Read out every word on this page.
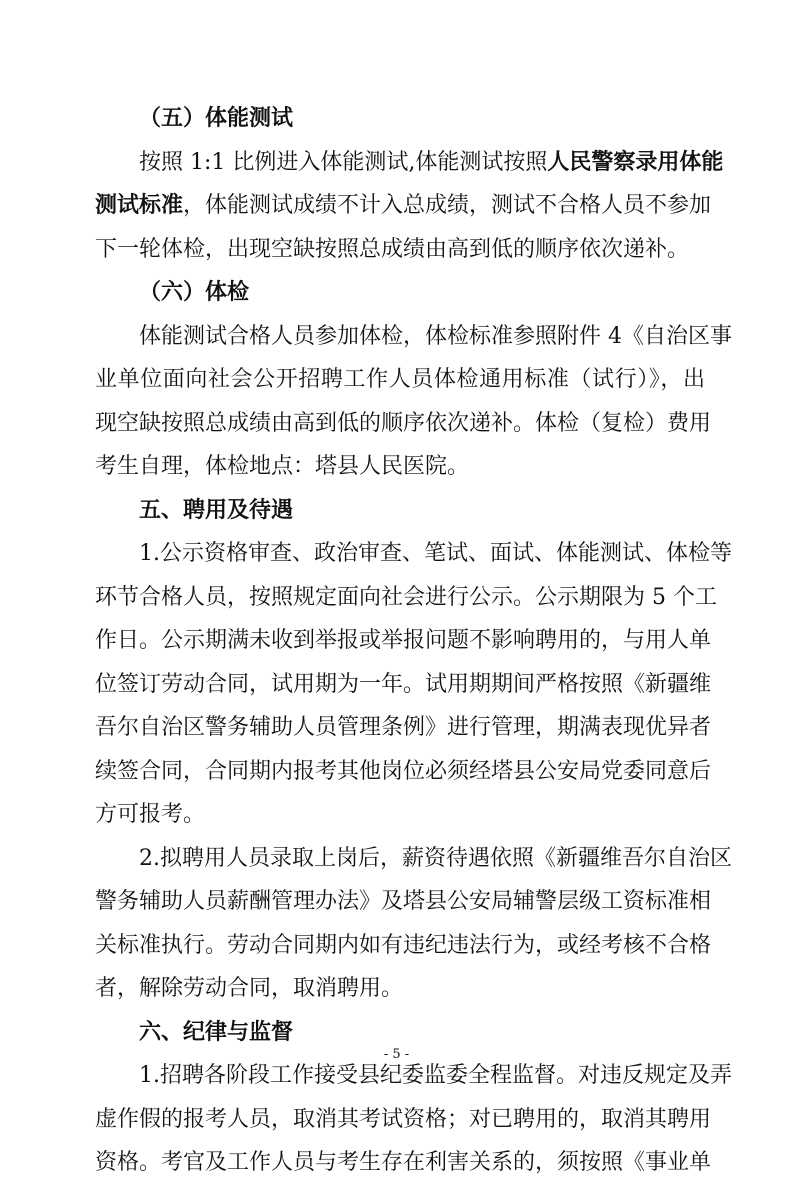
（五）体能测试
按照 1:1 比例进入体能测试,体能测试按照人民警察录用体能
测试标准，体能测试成绩不计入总成绩，测试不合格人员不参加
下一轮体检，出现空缺按照总成绩由高到低的顺序依次递补。
（六）体检
体能测试合格人员参加体检，体检标准参照附件 4《自治区事
业单位面向社会公开招聘工作人员体检通用标准（试行）》，出
现空缺按照总成绩由高到低的顺序依次递补。体检（复检）费用
考生自理，体检地点：塔县人民医院。
五、聘用及待遇
1.公示资格审查、政治审查、笔试、面试、体能测试、体检等
环节合格人员，按照规定面向社会进行公示。公示期限为 5 个工
作日。公示期满未收到举报或举报问题不影响聘用的，与用人单
位签订劳动合同，试用期为一年。试用期期间严格按照《新疆维
吾尔自治区警务辅助人员管理条例》进行管理，期满表现优异者
续签合同，合同期内报考其他岗位必须经塔县公安局党委同意后
方可报考。
2.拟聘用人员录取上岗后，薪资待遇依照《新疆维吾尔自治区
警务辅助人员薪酬管理办法》及塔县公安局辅警层级工资标准相
关标准执行。劳动合同期内如有违纪违法行为，或经考核不合格
者，解除劳动合同，取消聘用。
六、纪律与监督
1.招聘各阶段工作接受县纪委监委全程监督。对违反规定及弄
虚作假的报考人员，取消其考试资格；对已聘用的，取消其聘用
资格。考官及工作人员与考生存在利害关系的，须按照《事业单
- 5 -
